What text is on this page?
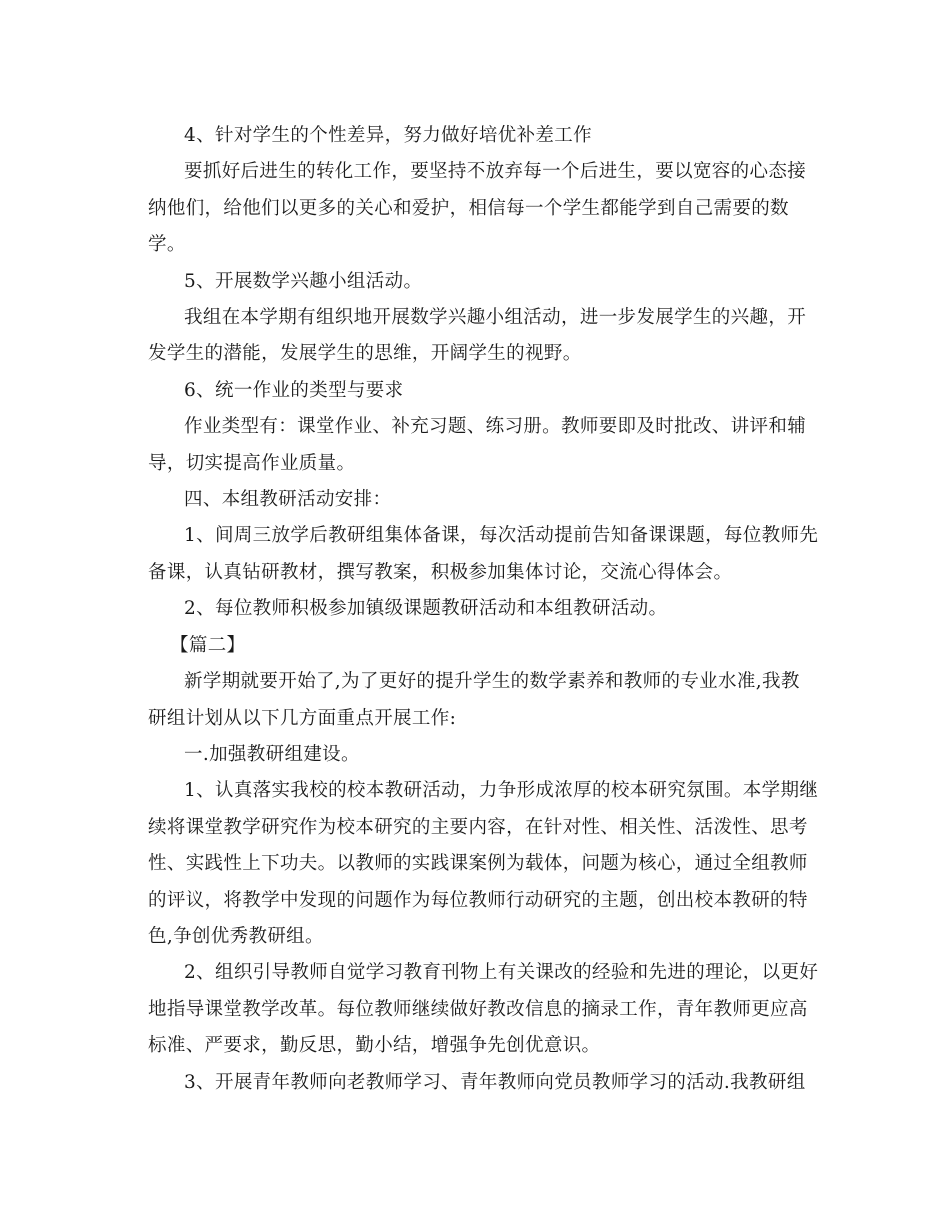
4、针对学生的个性差异，努力做好培优补差工作

要抓好后进生的转化工作，要坚持不放弃每一个后进生，要以宽容的心态接

纳他们，给他们以更多的关心和爱护，相信每一个学生都能学到自己需要的数

学。

5、开展数学兴趣小组活动。

我组在本学期有组织地开展数学兴趣小组活动，进一步发展学生的兴趣，开

发学生的潜能，发展学生的思维，开阔学生的视野。

6、统一作业的类型与要求

作业类型有：课堂作业、补充习题、练习册。教师要即及时批改、讲评和辅

导，切实提高作业质量。

四、本组教研活动安排：

1、间周三放学后教研组集体备课，每次活动提前告知备课课题，每位教师先

备课，认真钻研教材，撰写教案，积极参加集体讨论，交流心得体会。

2、每位教师积极参加镇级课题教研活动和本组教研活动。

【篇二】

新学期就要开始了,为了更好的提升学生的数学素养和教师的专业水准,我教

研组计划从以下几方面重点开展工作:

一.加强教研组建设。

1、认真落实我校的校本教研活动，力争形成浓厚的校本研究氛围。本学期继

续将课堂教学研究作为校本研究的主要内容，在针对性、相关性、活泼性、思考

性、实践性上下功夫。以教师的实践课案例为载体，问题为核心，通过全组教师

的评议，将教学中发现的问题作为每位教师行动研究的主题，创出校本教研的特

色,争创优秀教研组。

2、组织引导教师自觉学习教育刊物上有关课改的经验和先进的理论，以更好

地指导课堂教学改革。每位教师继续做好教改信息的摘录工作，青年教师更应高

标准、严要求，勤反思，勤小结，增强争先创优意识。

3、开展青年教师向老教师学习、青年教师向党员教师学习的活动.我教研组
